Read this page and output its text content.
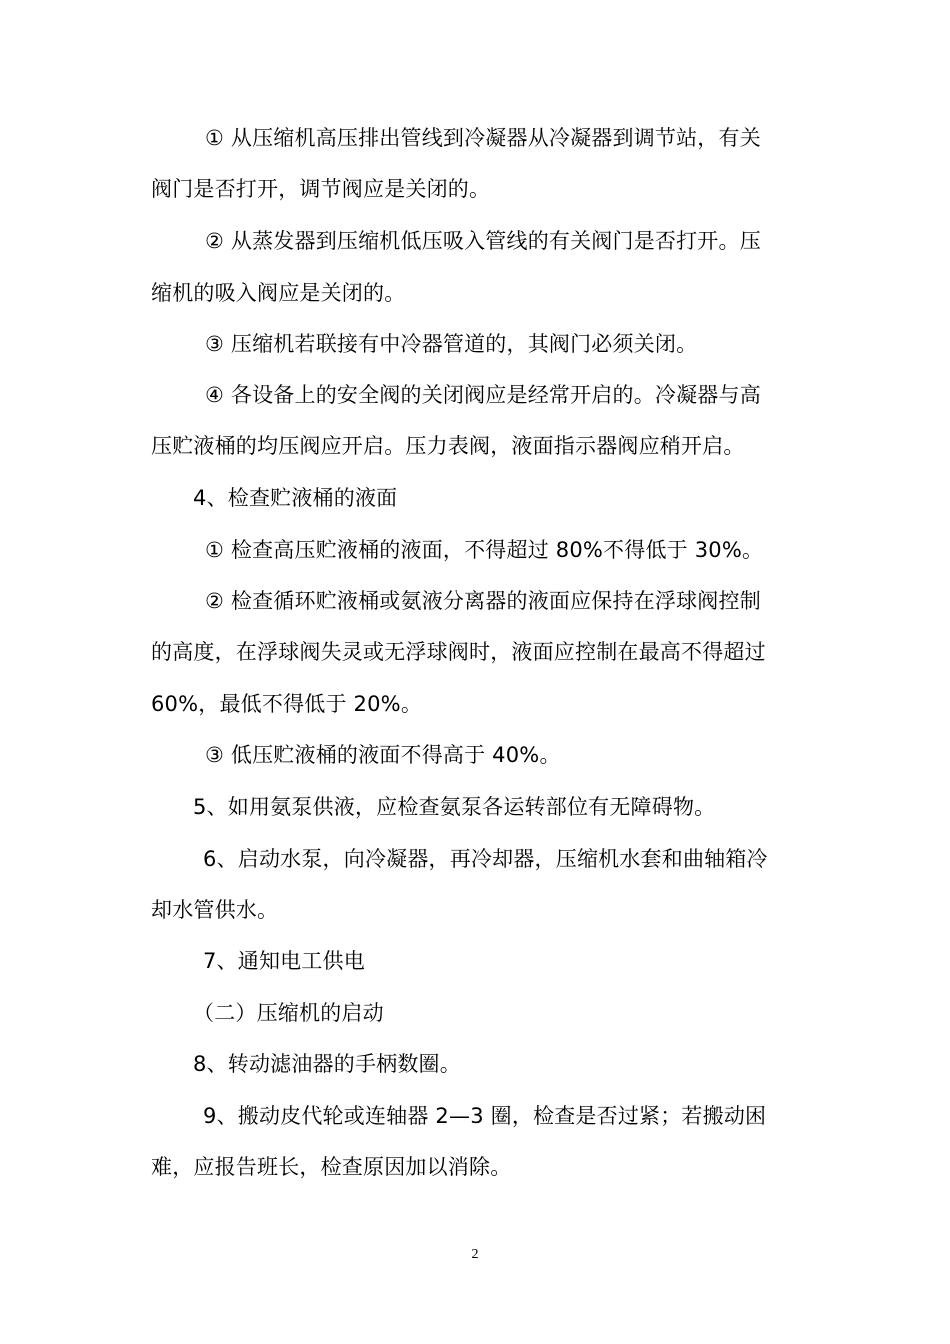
① 从压缩机高压排出管线到冷凝器从冷凝器到调节站，有关
阀门是否打开，调节阀应是关闭的。
② 从蒸发器到压缩机低压吸入管线的有关阀门是否打开。压
缩机的吸入阀应是关闭的。
③ 压缩机若联接有中冷器管道的，其阀门必须关闭。
④ 各设备上的安全阀的关闭阀应是经常开启的。冷凝器与高
压贮液桶的均压阀应开启。压力表阀，液面指示器阀应稍开启。
4、检查贮液桶的液面
① 检查高压贮液桶的液面，不得超过 80%不得低于 30%。
② 检查循环贮液桶或氨液分离器的液面应保持在浮球阀控制
的高度，在浮球阀失灵或无浮球阀时，液面应控制在最高不得超过
60%，最低不得低于 20%。
③ 低压贮液桶的液面不得高于 40%。
5、如用氨泵供液，应检查氨泵各运转部位有无障碍物。
6、启动水泵，向冷凝器，再冷却器，压缩机水套和曲轴箱冷
却水管供水。
7、通知电工供电
（二）压缩机的启动
8、转动滤油器的手柄数圈。
9、搬动皮代轮或连轴器 2—3 圈，检查是否过紧；若搬动困
难，应报告班长，检查原因加以消除。
2
